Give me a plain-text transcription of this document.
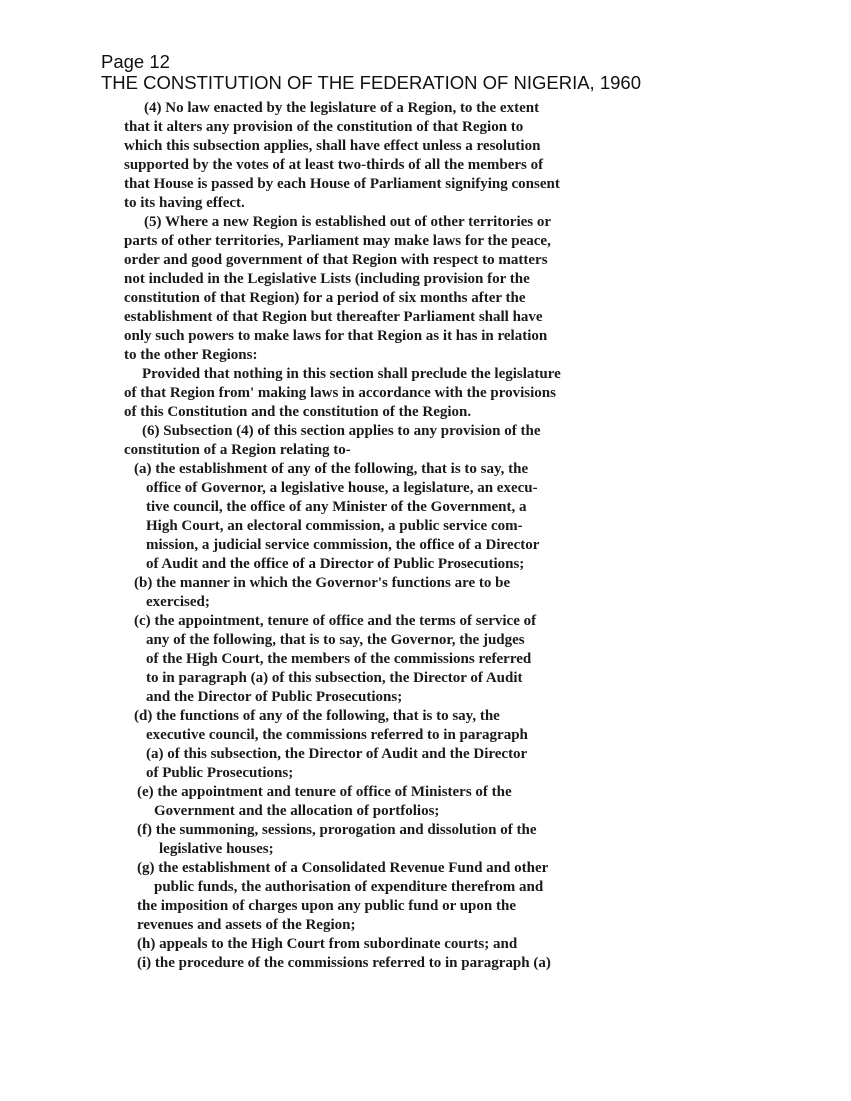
Page 12
THE CONSTITUTION OF THE FEDERATION OF NIGERIA, 1960
(4) No law enacted by the legislature of a Region, to the extent
that it alters any provision of the constitution of that Region to
which this subsection applies, shall have effect unless a resolution
supported by the votes of at least two-thirds of all the members of
that House is passed by each House of Parliament signifying consent
to its having effect.
(5) Where a new Region is established out of other territories or
parts of other territories, Parliament may make laws for the peace,
order and good government of that Region with respect to matters
not included in the Legislative Lists (including provision for the
constitution of that Region) for a period of six months after the
establishment of that Region but thereafter Parliament shall have
only such powers to make laws for that Region as it has in relation
to the other Regions:
Provided that nothing in this section shall preclude the legislature
of that Region from' making laws in accordance with the provisions
of this Constitution and the constitution of the Region.
(6) Subsection (4) of this section applies to any provision of the
constitution of a Region relating to-
(a) the establishment of any of the following, that is to say, the
office of Governor, a legislative house, a legislature, an execu-
tive council, the office of any Minister of the Government, a
High Court, an electoral commission, a public service com-
mission, a judicial service commission, the office of a Director
of Audit and the office of a Director of Public Prosecutions;
(b) the manner in which the Governor's functions are to be
exercised;
(c) the appointment, tenure of office and the terms of service of
any of the following, that is to say, the Governor, the judges
of the High Court, the members of the commissions referred
to in paragraph (a) of this subsection, the Director of Audit
and the Director of Public Prosecutions;
(d) the functions of any of the following, that is to say, the
executive council, the commissions referred to in paragraph
(a) of this subsection, the Director of Audit and the Director
of Public Prosecutions;
(e) the appointment and tenure of office of Ministers of the
Government and the allocation of portfolios;
(f) the summoning, sessions, prorogation and dissolution of the
legislative houses;
(g) the establishment of a Consolidated Revenue Fund and other
public funds, the authorisation of expenditure therefrom and
the imposition of charges upon any public fund or upon the
revenues and assets of the Region;
(h) appeals to the High Court from subordinate courts; and
(i) the procedure of the commissions referred to in paragraph (a)
